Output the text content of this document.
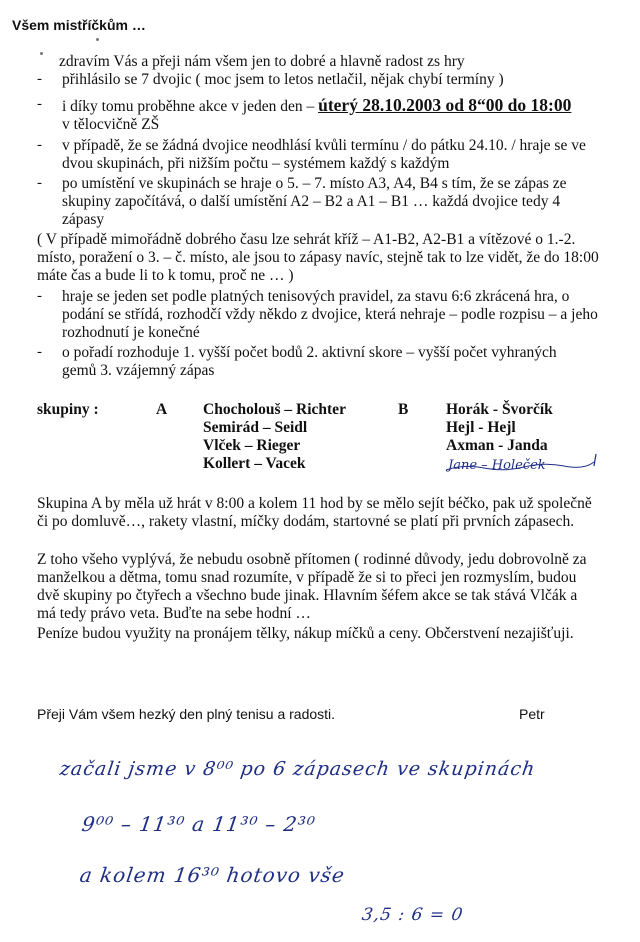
Všem mistříčkům …
zdravím Vás a přeji nám všem jen to dobré a hlavně radost zs hry
- přihlásilo se 7 dvojic ( moc jsem to letos netlačil, nějak chybí termíny )
- i díky tomu proběhne akce v jeden den – úterý 28.10.2003 od 8“00 do 18:00
v tělocvičně ZŠ
- v případě, že se žádná dvojice neodhlásí kvůli termínu / do pátku 24.10. / hraje se ve
dvou skupinách, při nižším počtu – systémem každý s každým
- po umístění ve skupinách se hraje o 5. – 7. místo A3, A4, B4 s tím, že se zápas ze
skupiny započítává, o další umístění A2 – B2 a A1 – B1 … každá dvojice tedy 4
zápasy
( V případě mimořádně dobrého času lze sehrát kříž – A1-B2, A2-B1 a vítězové o 1.-2.
místo, poražení o 3. – č. místo, ale jsou to zápasy navíc, stejně tak to lze vidět, že do 18:00
máte čas a bude li to k tomu, proč ne … )
- hraje se jeden set podle platných tenisových pravidel, za stavu 6:6 zkrácená hra, o
podání se střídá, rozhodčí vždy někdo z dvojice, která nehraje – podle rozpisu – a jeho
rozhodnutí je konečné
- o pořadí rozhoduje 1. vyšší počet bodů 2. aktivní skore – vyšší počet vyhraných
gemů 3. vzájemný zápas
skupiny :	A Chocholouš – Richter
Semirád – Seidl
Vlček – Rieger
Kollert – Vacek
B Horák - Švorčík
Hejl - Hejl
Axman - Janda
Jane – Holeček
Skupina A by měla už hrát v 8:00 a kolem 11 hod by se mělo sejít béčko, pak už společně
či po domluvě…, rakety vlastní, míčky dodám, startovné se platí při prvních zápasech.
Z toho všeho vyplývá, že nebudu osobně přítomen ( rodinné důvody, jedu dobrovolně za
manželkou a dětma, tomu snad rozumíte, v případě že si to přeci jen rozmyslím, budou
dvě skupiny po čtyřech a všechno bude jinak. Hlavním šéfem akce se tak stává Vlčák a
má tedy právo veta. Buďte na sebe hodní …
Peníze budou využity na pronájem tělky, nákup míčků a ceny. Občerstvení nezajišťuji.
Přeji Vám všem hezký den plný tenisu a radosti.	Petr
začali jsme v 8⁰⁰ po 6 zápasech ve skupinách
9⁰⁰ – 11³⁰ a 11³⁰ – 2³⁰
a kolem 16³⁰ hotovo vše
3,5 : 6 = 0
